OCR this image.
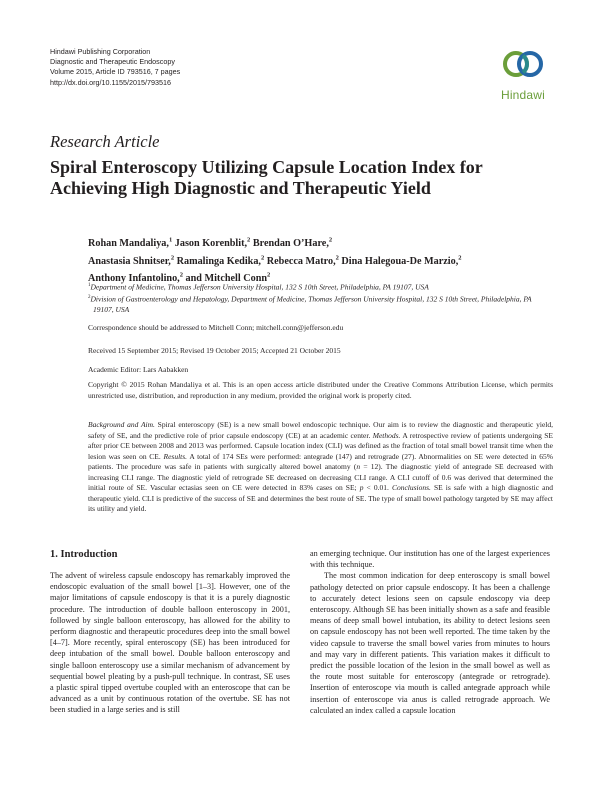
Hindawi Publishing Corporation
Diagnostic and Therapeutic Endoscopy
Volume 2015, Article ID 793516, 7 pages
http://dx.doi.org/10.1155/2015/793516
Hindawi
Research Article
Spiral Enteroscopy Utilizing Capsule Location Index for Achieving High Diagnostic and Therapeutic Yield
Rohan Mandaliya,$^1$ Jason Korenblit,$^2$ Brendan O’Hare,$^2$
Anastasia Shnitser,$^2$ Ramalinga Kedika,$^2$ Rebecca Matro,$^2$ Dina Halegoua-De Marzio,$^2$
Anthony Infantolino,$^2$ and Mitchell Conn$^2$
$^1$Department of Medicine, Thomas Jefferson University Hospital, 132 S 10th Street, Philadelphia, PA 19107, USA
$^2$Division of Gastroenterology and Hepatology, Department of Medicine, Thomas Jefferson University Hospital, 132 S 10th Street, Philadelphia, PA 19107, USA
Correspondence should be addressed to Mitchell Conn; mitchell.conn@jefferson.edu
Received 15 September 2015; Revised 19 October 2015; Accepted 21 October 2015
Academic Editor: Lars Aabakken
Copyright © 2015 Rohan Mandaliya et al. This is an open access article distributed under the Creative Commons Attribution License, which permits unrestricted use, distribution, and reproduction in any medium, provided the original work is properly cited.
Background and Aim. Spiral enteroscopy (SE) is a new small bowel endoscopic technique. Our aim is to review the diagnostic and therapeutic yield, safety of SE, and the predictive role of prior capsule endoscopy (CE) at an academic center. Methods. A retrospective review of patients undergoing SE after prior CE between 2008 and 2013 was performed. Capsule location index (CLI) was defined as the fraction of total small bowel transit time when the lesion was seen on CE. Results. A total of 174 SEs were performed: antegrade (147) and retrograde (27). Abnormalities on SE were detected in 65% patients. The procedure was safe in patients with surgically altered bowel anatomy (n = 12). The diagnostic yield of antegrade SE decreased with increasing CLI range. The diagnostic yield of retrograde SE decreased on decreasing CLI range. A CLI cutoff of 0.6 was derived that determined the initial route of SE. Vascular ectasias seen on CE were detected in 83% cases on SE; p < 0.01. Conclusions. SE is safe with a high diagnostic and therapeutic yield. CLI is predictive of the success of SE and determines the best route of SE. The type of small bowel pathology targeted by SE may affect its utility and yield.
1. Introduction

The advent of wireless capsule endoscopy has remarkably improved the endoscopic evaluation of the small bowel [1–3]. However, one of the major limitations of capsule endoscopy is that it is a purely diagnostic procedure. The introduction of double balloon enteroscopy in 2001, followed by single balloon enteroscopy, has allowed for the ability to perform diagnostic and therapeutic procedures deep into the small bowel [4–7]. More recently, spiral enteroscopy (SE) has been introduced for deep intubation of the small bowel. Double balloon enteroscopy and single balloon enteroscopy use a similar mechanism of advancement by sequential bowel pleating by a push-pull technique. In contrast, SE uses a plastic spiral tipped overtube coupled with an enteroscope that can be advanced as a unit by continuous rotation of the overtube. SE has not been studied in a large series and is still

an emerging technique. Our institution has one of the largest experiences with this technique.

The most common indication for deep enteroscopy is small bowel pathology detected on prior capsule endoscopy. It has been a challenge to accurately detect lesions seen on capsule endoscopy via deep enteroscopy. Although SE has been initially shown as a safe and feasible means of deep small bowel intubation, its ability to detect lesions seen on capsule endoscopy has not been well reported. The time taken by the video capsule to traverse the small bowel varies from minutes to hours and may vary in different patients. This variation makes it difficult to predict the possible location of the lesion in the small bowel as well as the route most suitable for enteroscopy (antegrade or retrograde). Insertion of enteroscope via mouth is called antegrade approach while insertion of enteroscope via anus is called retrograde approach. We calculated an index called a capsule location
